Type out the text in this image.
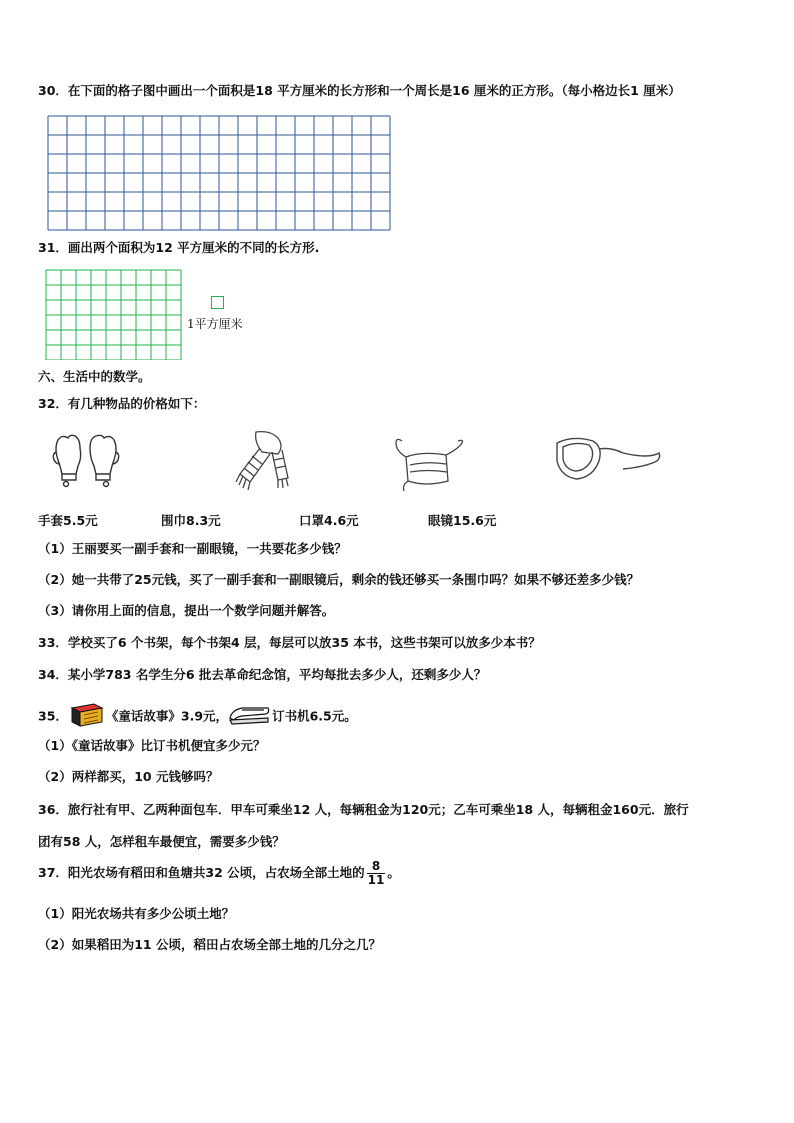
30．在下面的格子图中画出一个面积是18 平方厘米的长方形和一个周长是16 厘米的正方形。（每小格边长1 厘米）
31．画出两个面积为12 平方厘米的不同的长方形.
1平方厘米
六、生活中的数学。
32．有几种物品的价格如下：
手套5.5元	围巾8.3元	口罩4.6元	眼镜15.6元
（1）王丽要买一副手套和一副眼镜，一共要花多少钱？
（2）她一共带了25元钱，买了一副手套和一副眼镜后，剩余的钱还够买一条围巾吗？如果不够还差多少钱？
（3）请你用上面的信息，提出一个数学问题并解答。
33．学校买了6 个书架，每个书架4 层，每层可以放35 本书，这些书架可以放多少本书？
34．某小学783 名学生分6 批去革命纪念馆，平均每批去多少人，还剩多少人？
35．	《童话故事》3.9元，	订书机6.5元。
（1）《童话故事》比订书机便宜多少元？
（2）两样都买，10 元钱够吗？
36．旅行社有甲、乙两种面包车．甲车可乘坐12 人，每辆租金为120元；乙车可乘坐18 人，每辆租金160元．旅行
团有58 人，怎样租车最便宜，需要多少钱？
37．阳光农场有稻田和鱼塘共32 公顷，占农场全部土地的 $\frac{8}{11}$ 。
（1）阳光农场共有多少公顷土地？
（2）如果稻田为11 公顷，稻田占农场全部土地的几分之几？
